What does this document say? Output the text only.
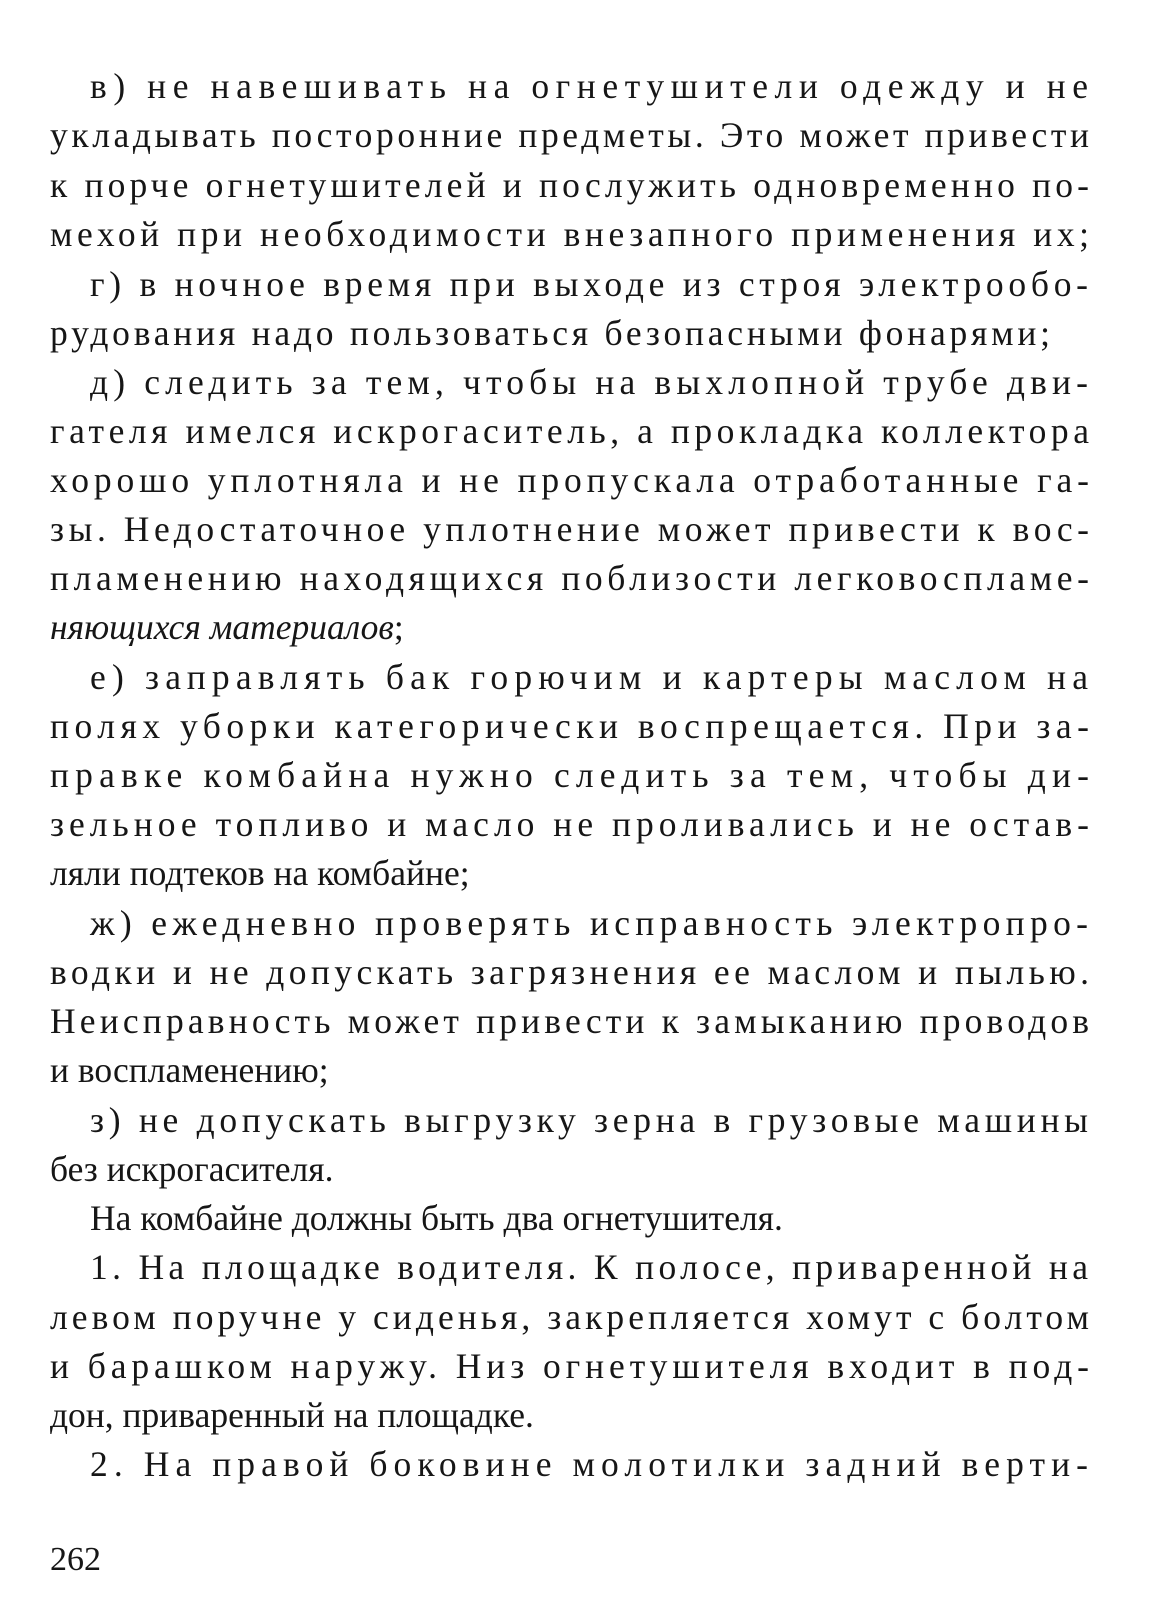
в) не навешивать на огнетушители одежду и не
укладывать посторонние предметы. Это может привести
к порче огнетушителей и послужить одновременно по-
мехой при необходимости внезапного применения их;
г) в ночное время при выходе из строя электрообо-
рудования надо пользоваться безопасными фонарями;
д) следить за тем, чтобы на выхлопной трубе дви-
гателя имелся искрогаситель, а прокладка коллектора
хорошо уплотняла и не пропускала отработанные га-
зы. Недостаточное уплотнение может привести к вос-
пламенению находящихся поблизости легковоспламе-
няющихся материалов;
е) заправлять бак горючим и картеры маслом на
полях уборки категорически воспрещается. При за-
правке комбайна нужно следить за тем, чтобы ди-
зельное топливо и масло не проливались и не остав-
ляли подтеков на комбайне;
ж) ежедневно проверять исправность электропро-
водки и не допускать загрязнения ее маслом и пылью.
Неисправность может привести к замыканию проводов
и воспламенению;
з) не допускать выгрузку зерна в грузовые машины
без искрогасителя.
На комбайне должны быть два огнетушителя.
1. На площадке водителя. К полосе, приваренной на
левом поручне у сиденья, закрепляется хомут с болтом
и барашком наружу. Низ огнетушителя входит в под-
дон, приваренный на площадке.
2. На правой боковине молотилки задний верти-
262
